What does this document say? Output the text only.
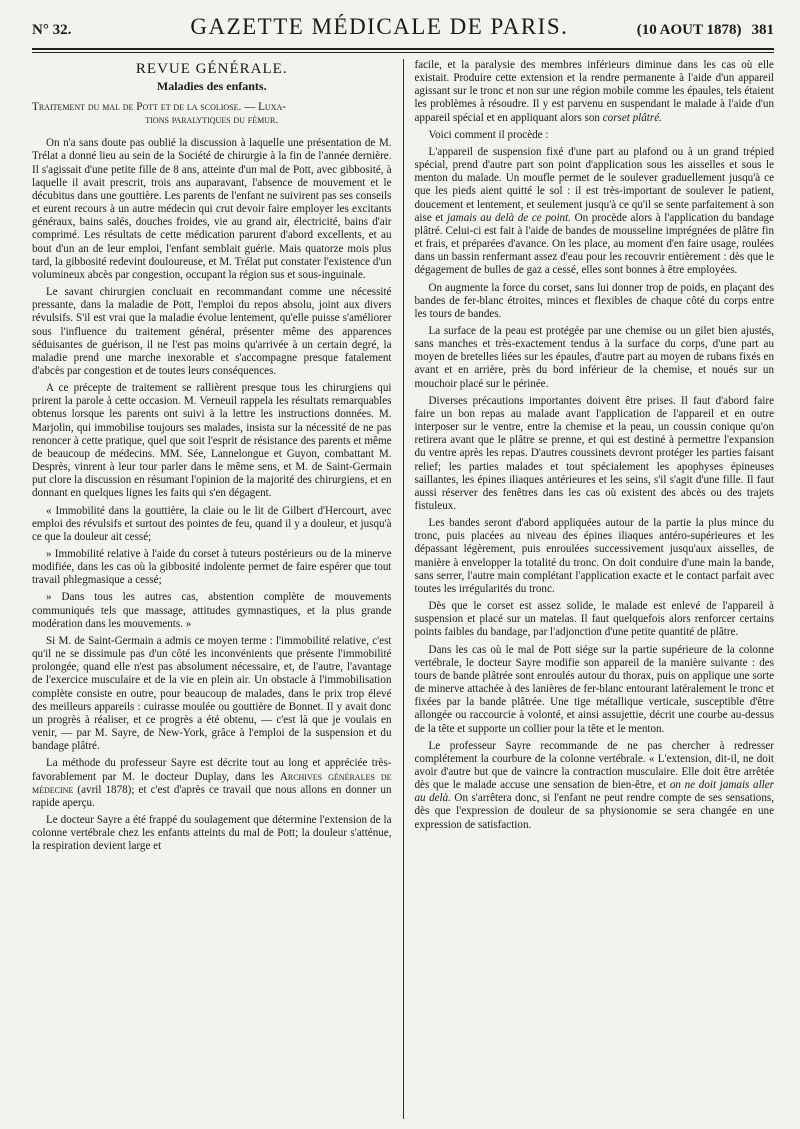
N° 32.	GAZETTE MÉDICALE DE PARIS.	(10 AOUT 1878) 381
REVUE GÉNÉRALE.
Maladies des enfants.
Traitement du mal de Pott et de la scoliose. — Luxa-
tions paralytiques du fémur.

On n'a sans doute pas oublié la discussion à laquelle une présentation de M. Trélat a donné lieu au sein de la Société de chirurgie à la fin de l'année dernière. Il s'agissait d'une petite fille de 8 ans, atteinte d'un mal de Pott, avec gibbosité, à laquelle il avait prescrit, trois ans auparavant, l'absence de mouvement et le décubitus dans une gouttière. Les parents de l'enfant ne suivirent pas ses conseils et eurent recours à un autre médecin qui crut devoir faire employer les excitants généraux, bains salés, douches froides, vie au grand air, électricité, bains d'air comprimé. Les résultats de cette médication parurent d'abord excellents, et au bout d'un an de leur emploi, l'enfant semblait guérie. Mais quatorze mois plus tard, la gibbosité redevint douloureuse, et M. Trélat put constater l'existence d'un volumineux abcès par congestion, occupant la région sus et sous-inguinale.

Le savant chirurgien concluait en recommandant comme une nécessité pressante, dans la maladie de Pott, l'emploi du repos absolu, joint aux divers révulsifs. S'il est vrai que la maladie évolue lentement, qu'elle puisse s'améliorer sous l'influence du traitement général, présenter même des apparences séduisantes de guérison, il ne l'est pas moins qu'arrivée à un certain degré, la maladie prend une marche inexorable et s'accompagne presque fatalement d'abcès par congestion et de toutes leurs conséquences.

A ce précepte de traitement se rallièrent presque tous les chirurgiens qui prirent la parole à cette occasion. M. Verneuil rappela les résultats remarquables obtenus lorsque les parents ont suivi à la lettre les instructions données. M. Marjolin, qui immobilise toujours ses malades, insista sur la nécessité de ne pas renoncer à cette pratique, quel que soit l'esprit de résistance des parents et même de beaucoup de médecins. MM. Sée, Lannelongue et Guyon, combattant M. Desprès, vinrent à leur tour parler dans le même sens, et M. de Saint-Germain put clore la discussion en résumant l'opinion de la majorité des chirurgiens, et en donnant en quelques lignes les faits qui s'en dégagent.

« Immobilité dans la gouttière, la claie ou le lit de Gilbert d'Hercourt, avec emploi des révulsifs et surtout des pointes de feu, quand il y a douleur, et jusqu'à ce que la douleur ait cessé;

» Immobilité relative à l'aide du corset à tuteurs postérieurs ou de la minerve modifiée, dans les cas où la gibbosité indolente permet de faire espérer que tout travail phlegmasique a cessé;

» Dans tous les autres cas, abstention complète de mouvements communiqués tels que massage, attitudes gymnastiques, et la plus grande modération dans les mouvements. »

Si M. de Saint-Germain a admis ce moyen terme : l'immobilité relative, c'est qu'il ne se dissimule pas d'un côté les inconvénients que présente l'immobilité prolongée, quand elle n'est pas absolument nécessaire, et, de l'autre, l'avantage de l'exercice musculaire et de la vie en plein air. Un obstacle à l'immobilisation complète consiste en outre, pour beaucoup de malades, dans le prix trop élevé des meilleurs appareils : cuirasse moulée ou gouttière de Bonnet. Il y avait donc un progrès à réaliser, et ce progrès a été obtenu, — c'est là que je voulais en venir, — par M. Sayre, de New-York, grâce à l'emploi de la suspension et du bandage plâtré.

La méthode du professeur Sayre est décrite tout au long et appréciée très-favorablement par M. le docteur Duplay, dans les Archives générales de médecine (avril 1878); et c'est d'après ce travail que nous allons en donner un rapide aperçu.

Le docteur Sayre a été frappé du soulagement que détermine l'extension de la colonne vertébrale chez les enfants atteints du mal de Pott; la douleur s'atténue, la respiration devient large et

facile, et la paralysie des membres inférieurs diminue dans les cas où elle existait. Produire cette extension et la rendre permanente à l'aide d'un appareil agissant sur le tronc et non sur une région mobile comme les épaules, tels étaient les problèmes à résoudre. Il y est parvenu en suspendant le malade à l'aide d'un appareil spécial et en appliquant alors son corset plâtré.

Voici comment il procède :

L'appareil de suspension fixé d'une part au plafond ou à un grand trépied spécial, prend d'autre part son point d'application sous les aisselles et sous le menton du malade. Un moufle permet de le soulever graduellement jusqu'à ce que les pieds aient quitté le sol : il est très-important de soulever le patient, doucement et lentement, et seulement jusqu'à ce qu'il se sente parfaitement à son aise et jamais au delà de ce point. On procède alors à l'application du bandage plâtré. Celui-ci est fait à l'aide de bandes de mousseline imprégnées de plâtre fin et frais, et préparées d'avance. On les place, au moment d'en faire usage, roulées dans un bassin renfermant assez d'eau pour les recouvrir entièrement : dès que le dégagement de bulles de gaz a cessé, elles sont bonnes à être employées.

On augmente la force du corset, sans lui donner trop de poids, en plaçant des bandes de fer-blanc étroites, minces et flexibles de chaque côté du corps entre les tours de bandes.

La surface de la peau est protégée par une chemise ou un gilet bien ajustés, sans manches et très-exactement tendus à la surface du corps, d'une part au moyen de bretelles liées sur les épaules, d'autre part au moyen de rubans fixés en avant et en arrière, près du bord inférieur de la chemise, et noués sur un mouchoir placé sur le périnée.

Diverses précautions importantes doivent être prises. Il faut d'abord faire faire un bon repas au malade avant l'application de l'appareil et en outre interposer sur le ventre, entre la chemise et la peau, un coussin conique qu'on retirera avant que le plâtre se prenne, et qui est destiné à permettre l'expansion du ventre après les repas. D'autres coussinets devront protéger les parties faisant relief; les parties malades et tout spécialement les apophyses épineuses saillantes, les épines iliaques antérieures et les seins, s'il s'agit d'une fille. Il faut aussi réserver des fenêtres dans les cas où existent des abcès ou des trajets fistuleux.

Les bandes seront d'abord appliquées autour de la partie la plus mince du tronc, puis placées au niveau des épines iliaques antéro-supérieures et les dépassant légèrement, puis enroulées successivement jusqu'aux aisselles, de manière à envelopper la totalité du tronc. On doit conduire d'une main la bande, sans serrer, l'autre main complétant l'application exacte et le contact parfait avec toutes les irrégularités du tronc.

Dès que le corset est assez solide, le malade est enlevé de l'appareil à suspension et placé sur un matelas. Il faut quelquefois alors renforcer certains points faibles du bandage, par l'adjonction d'une petite quantité de plâtre.

Dans les cas où le mal de Pott siége sur la partie supérieure de la colonne vertébrale, le docteur Sayre modifie son appareil de la manière suivante : des tours de bande plâtrée sont enroulés autour du thorax, puis on applique une sorte de minerve attachée à des lanières de fer-blanc entourant latéralement le tronc et fixées par la bande plâtrée. Une tige métallique verticale, susceptible d'être allongée ou raccourcie à volonté, et ainsi assujettie, décrit une courbe au-dessus de la tête et supporte un collier pour la tête et le menton.

Le professeur Sayre recommande de ne pas chercher à redresser complétement la courbure de la colonne vertébrale. « L'extension, dit-il, ne doit avoir d'autre but que de vaincre la contraction musculaire. Elle doit être arrêtée dès que le malade accuse une sensation de bien-être, et on ne doit jamais aller au delà. On s'arrêtera donc, si l'enfant ne peut rendre compte de ses sensations, dès que l'expression de douleur de sa physionomie se sera changée en une expression de satisfaction.
